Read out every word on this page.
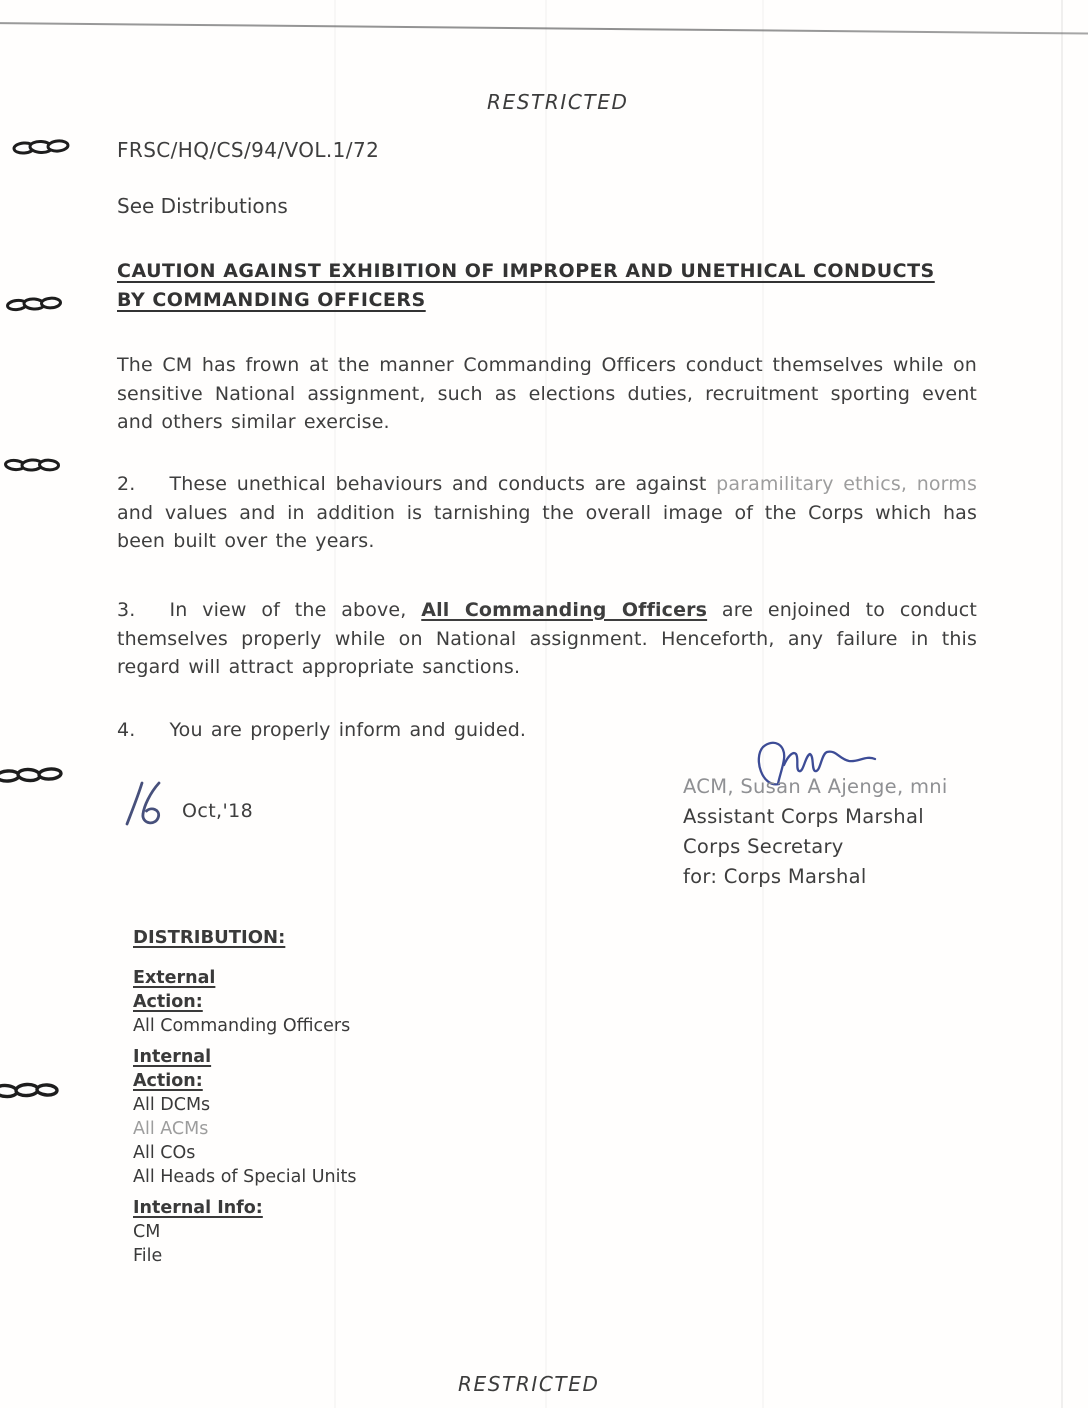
RESTRICTED
RESTRICTED
FRSC/HQ/CS/94/VOL.1/72
See Distributions
CAUTION AGAINST EXHIBITION OF IMPROPER AND UNETHICAL CONDUCTS
BY COMMANDING OFFICERS

The CM has frown at the manner Commanding Officers conduct themselves while on sensitive National assignment, such as elections duties, recruitment sporting event and others similar exercise.

2. These unethical behaviours and conducts are against paramilitary ethics, norms and values and in addition is tarnishing the overall image of the Corps which has been built over the years.

3. In view of the above, All Commanding Officers are enjoined to conduct themselves properly while on National assignment. Henceforth, any failure in this regard will attract appropriate sanctions.

4. You are properly inform and guided.

Oct,'18
ACM, Susan A Ajenge, mni
Assistant Corps Marshal
Corps Secretary
for: Corps Marshal
DISTRIBUTION:
External
Action:
All Commanding Officers
Internal
Action:
All DCMs
All ACMs
All COs
All Heads of Special Units
Internal Info:
CM
File
